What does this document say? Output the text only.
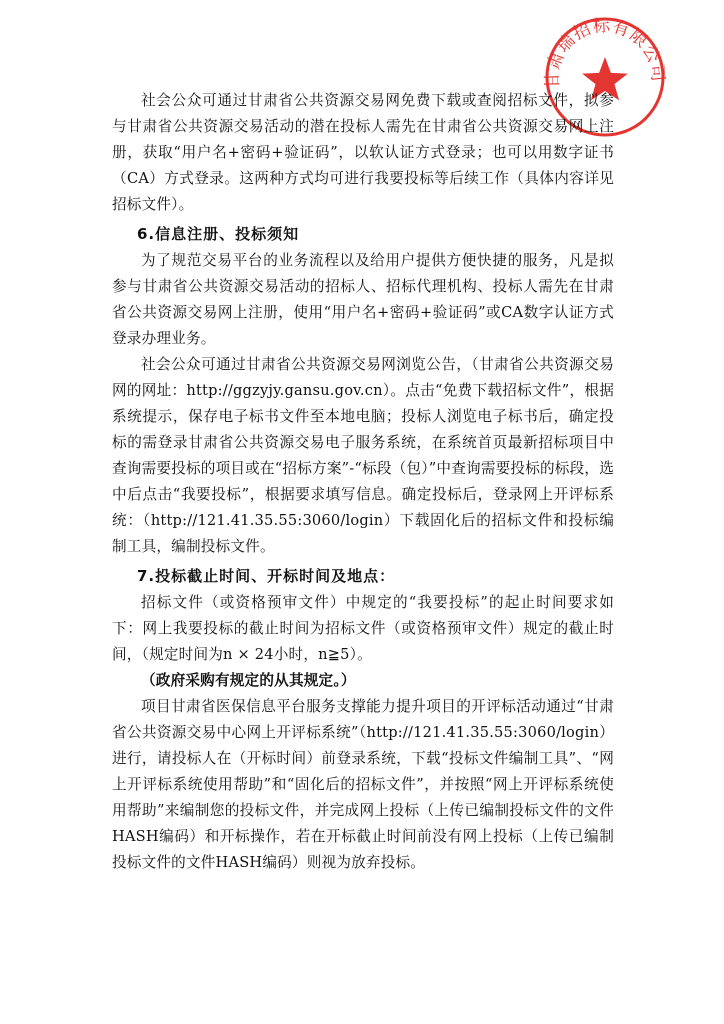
甘肃瑞招标有限公司

社会公众可通过甘肃省公共资源交易网免费下载或查阅招标文件，拟参与甘肃省公共资源交易活动的潜在投标人需先在甘肃省公共资源交易网上注册，获取“用户名+密码+验证码”，以软认证方式登录；也可以用数字证书（CA）方式登录。这两种方式均可进行我要投标等后续工作（具体内容详见招标文件）。

6.信息注册、投标须知

为了规范交易平台的业务流程以及给用户提供方便快捷的服务，凡是拟参与甘肃省公共资源交易活动的招标人、招标代理机构、投标人需先在甘肃省公共资源交易网上注册，使用“用户名+密码+验证码”或CA数字认证方式登录办理业务。

社会公众可通过甘肃省公共资源交易网浏览公告，（甘肃省公共资源交易网的网址：http://ggzyjy.gansu.gov.cn）。点击“免费下载招标文件”，根据系统提示，保存电子标书文件至本地电脑；投标人浏览电子标书后，确定投标的需登录甘肃省公共资源交易电子服务系统，在系统首页最新招标项目中查询需要投标的项目或在“招标方案”-“标段（包）”中查询需要投标的标段，选中后点击“我要投标”，根据要求填写信息。确定投标后，登录网上开评标系统：（http://121.41.35.55:3060/login）下载固化后的招标文件和投标编制工具，编制投标文件。

7.投标截止时间、开标时间及地点：

招标文件（或资格预审文件）中规定的“我要投标”的起止时间要求如下：网上我要投标的截止时间为招标文件（或资格预审文件）规定的截止时间，（规定时间为n × 24小时，n≧5）。

（政府采购有规定的从其规定。）

项目甘肃省医保信息平台服务支撑能力提升项目的开评标活动通过“甘肃省公共资源交易中心网上开评标系统”（http://121.41.35.55:3060/login）进行，请投标人在（开标时间）前登录系统，下载“投标文件编制工具”、“网上开评标系统使用帮助”和“固化后的招标文件”，并按照“网上开评标系统使用帮助”来编制您的投标文件，并完成网上投标（上传已编制投标文件的文件HASH编码）和开标操作，若在开标截止时间前没有网上投标（上传已编制投标文件的文件HASH编码）则视为放弃投标。
